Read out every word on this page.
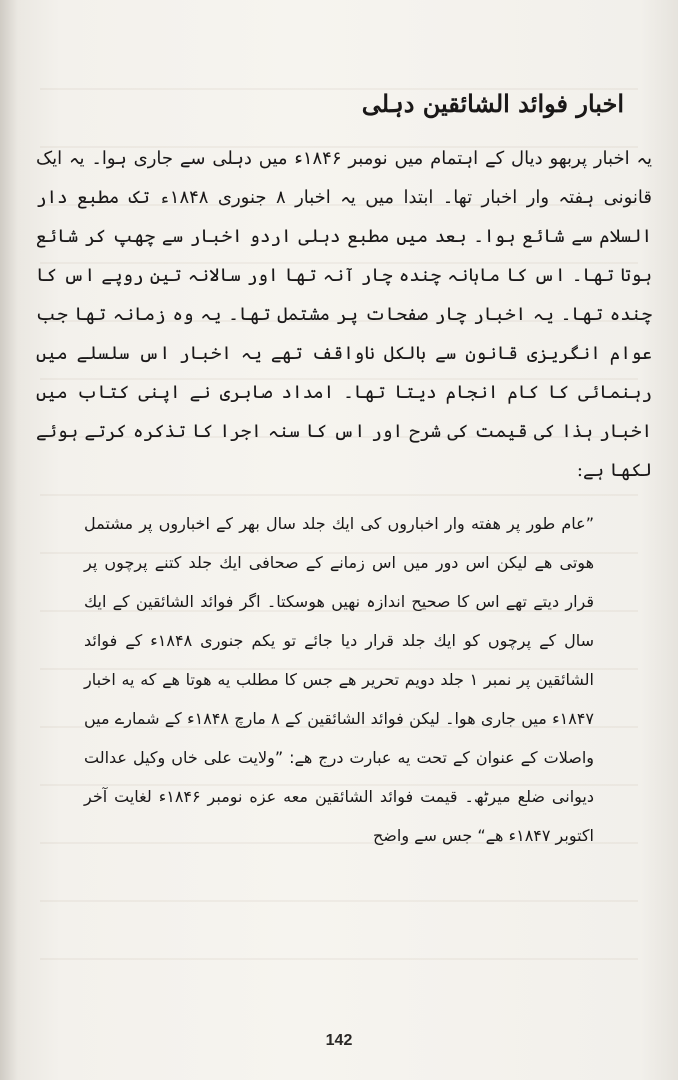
اخبار فوائد الشائقین دہلی

یہ اخبار پربھو دیال کے اہتمام میں نومبر ۱۸۴۶ء میں دہلی سے جاری ہوا۔ یہ ایک قانونی ہفتہ وار اخبار تھا۔ ابتدا میں یہ اخبار ۸ جنوری ۱۸۴۸ء تک مطبع دار السلام سے شائع ہوا۔ بعد میں مطبع دہلی اردو اخبار سے چھپ کر شائع ہوتا تھا۔ اس کا ماہانہ چندہ چار آنہ تھا اور سالانہ تین روپے اس کا چندہ تھا۔ یہ اخبار چار صفحات پر مشتمل تھا۔ یہ وہ زمانہ تھا جب عوام انگریزی قانون سے بالکل ناواقف تھے یہ اخبار اس سلسلے میں رہنمائی کا کام انجام دیتا تھا۔ امداد صابری نے اپنی کتاب میں اخبار ہذا کی قیمت کی شرح اور اس کا سنہ اجرا کا تذکرہ کرتے ہوئے لکھا ہے:

”عام طور پر هفته وار اخباروں کی ایك جلد سال بهر کے اخباروں پر مشتمل هوتی هے لیکن اس دور میں اس زمانے کے صحافی ایك جلد کتنے پرچوں پر قرار دیتے تهے اس کا صحیح اندازہ نهیں هوسکتا۔ اگر فوائد الشائقین کے ایك سال کے پرچوں کو ایك جلد قرار دیا جائے تو یکم جنوری ۱۸۴۸ء کے فوائد الشائقین پر نمبر ۱ جلد دویم تحریر هے جس کا مطلب یه هوتا هے که یه اخبار ۱۸۴۷ء میں جاری هوا۔ لیکن فوائد الشائقین کے ۸ مارچ ۱۸۴۸ء کے شمارے میں واصلات کے عنوان کے تحت یه عبارت درج هے: ”ولایت علی خاں وکیل عدالت دیوانی ضلع میرٹھ۔ قیمت فوائد الشائقین معه عزه نومبر ۱۸۴۶ء لغایت آخر اکتوبر ۱۸۴۷ء هے“ جس سے واضح

142
